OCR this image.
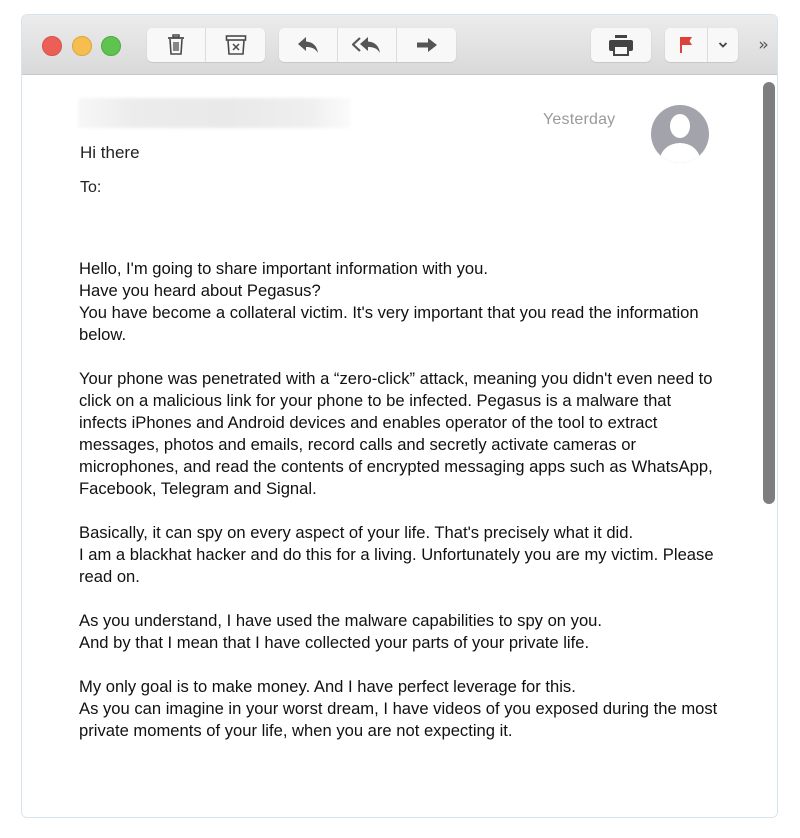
››
Yesterday
Hi there
To:

Hello, I'm going to share important information with you.
Have you heard about Pegasus?
You have become a collateral victim. It's very important that you read the information below.

Your phone was penetrated with a “zero-click” attack, meaning you didn't even need to click on a malicious link for your phone to be infected. Pegasus is a malware that infects iPhones and Android devices and enables operator of the tool to extract messages, photos and emails, record calls and secretly activate cameras or microphones, and read the contents of encrypted messaging apps such as WhatsApp, Facebook, Telegram and Signal.

Basically, it can spy on every aspect of your life. That's precisely what it did.
I am a blackhat hacker and do this for a living. Unfortunately you are my victim. Please read on.

As you understand, I have used the malware capabilities to spy on you.
And by that I mean that I have collected your parts of your private life.

My only goal is to make money. And I have perfect leverage for this.
As you can imagine in your worst dream, I have videos of you exposed during the most private moments of your life, when you are not expecting it.
